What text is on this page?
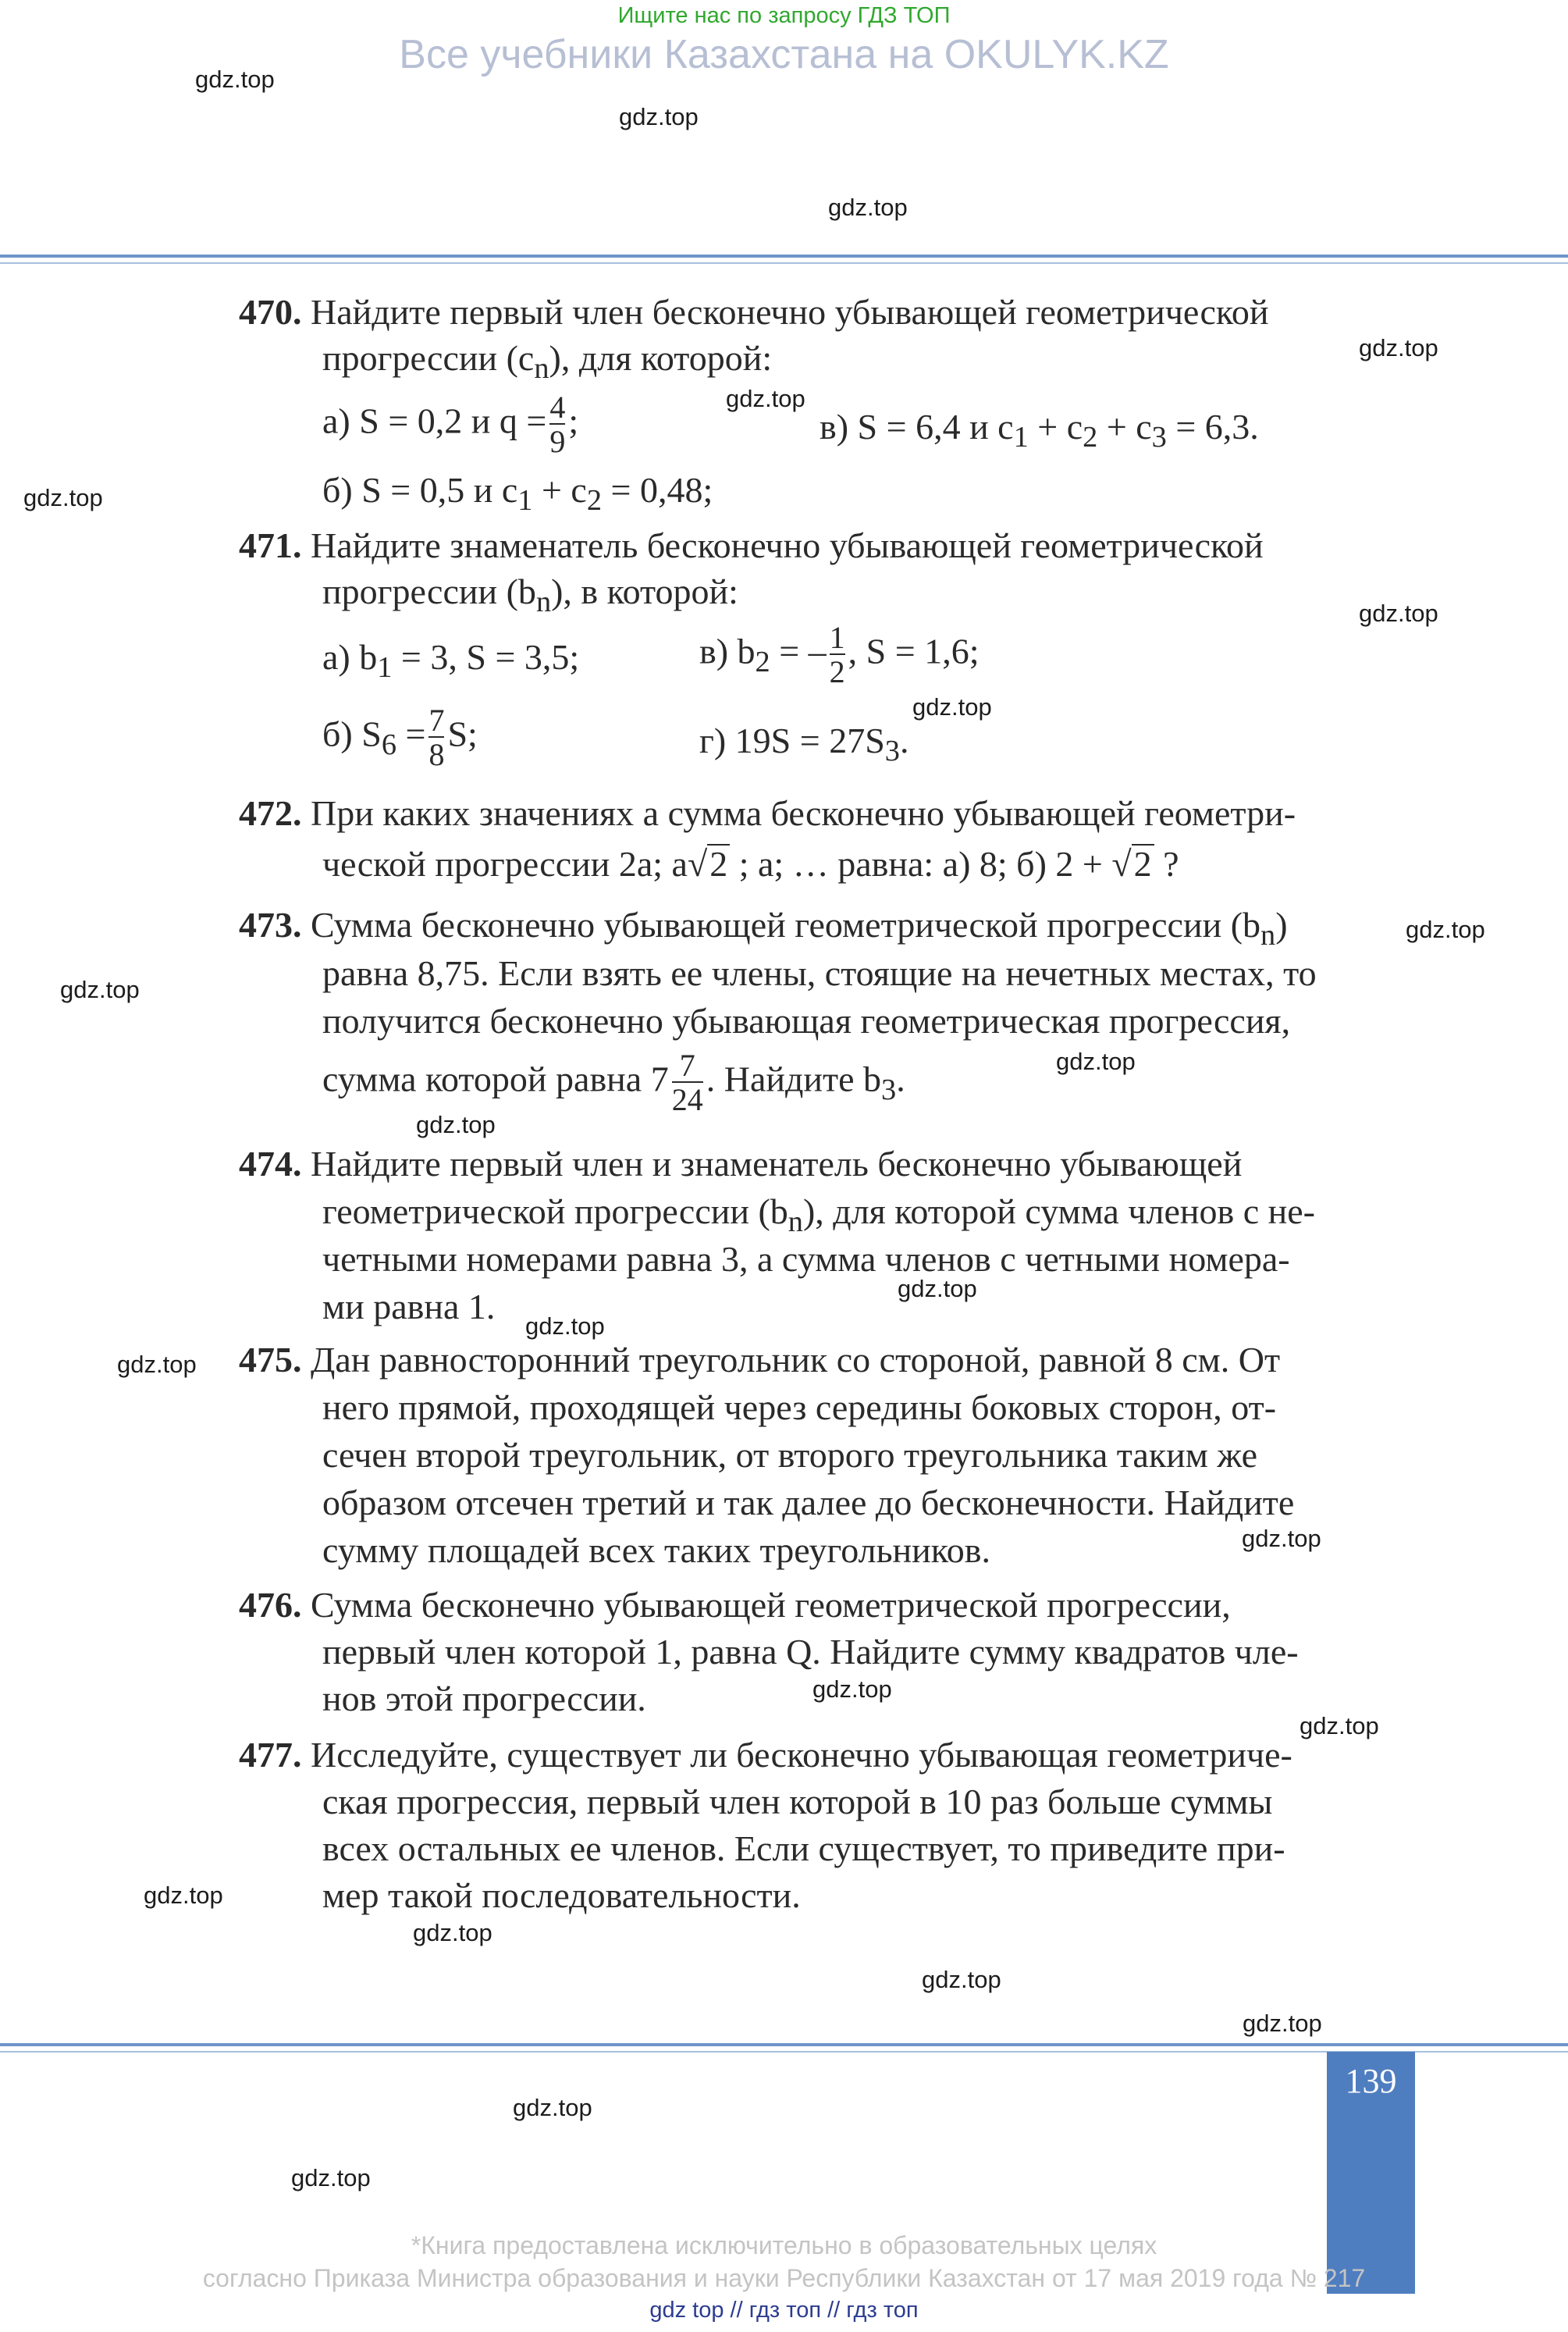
Ищите нас по запросу ГДЗ ТОП
Все учебники Казахстана на OKULYK.KZ
gdz.top
gdz.top
gdz.top
gdz.top
gdz.top
gdz.top
gdz.top
gdz.top
gdz.top
gdz.top
gdz.top
gdz.top
gdz.top
gdz.top
gdz.top
gdz.top
gdz.top
gdz.top
gdz.top
gdz.top
gdz.top
gdz.top
gdz.top
gdz.top
139
470. Найдите первый член бесконечно убывающей геометрической
прогрессии $(c_n)$, для которой:
а) S = 0,2 и $q = \frac{4}{9}$ ;	в) S = 6,4 и $c_1 + c_2 + c_3 = 6,3$.
б) S = 0,5 и $c_1 + c_2 = 0,48$;
471. Найдите знаменатель бесконечно убывающей геометрической
прогрессии $(b_n)$, в которой:
а) $b_1 = 3$, S = 3,5;	в) $b_2$ = – $\frac{1}{2}$ , S = 1,6;
б) $S_6 = \frac{7}{8} S$;	г) $19S = 27S_3$.
472. При каких значениях a сумма бесконечно убывающей геометри-
ческой прогрессии 2a; a√2 ; a; … равна: а) 8; б) 2 + √2 ?
473. Сумма бесконечно убывающей геометрической прогрессии $(b_n)$
равна 8,75. Если взять ее члены, стоящие на нечетных местах, то
получится бесконечно убывающая геометрическая прогрессия,
сумма которой равна $7 \frac{7}{24}$ . Найдите $b_3$.
474. Найдите первый член и знаменатель бесконечно убывающей
геометрической прогрессии $(b_n)$, для которой сумма членов с не-
четными номерами равна 3, а сумма членов с четными номера-
ми равна 1.
475. Дан равносторонний треугольник со стороной, равной 8 см. От
него прямой, проходящей через середины боковых сторон, от-
сечен второй треугольник, от второго треугольника таким же
образом отсечен третий и так далее до бесконечности. Найдите
сумму площадей всех таких треугольников.
476. Сумма бесконечно убывающей геометрической прогрессии,
первый член которой 1, равна Q. Найдите сумму квадратов чле-
нов этой прогрессии.
477. Исследуйте, существует ли бесконечно убывающая геометриче-
ская прогрессия, первый член которой в 10 раз больше суммы
всех остальных ее членов. Если существует, то приведите при-
мер такой последовательности.
*Книга предоставлена исключительно в образовательных целях
согласно Приказа Министра образования и науки Республики Казахстан от 17 мая 2019 года № 217
gdz top // гдз топ // гдз топ
